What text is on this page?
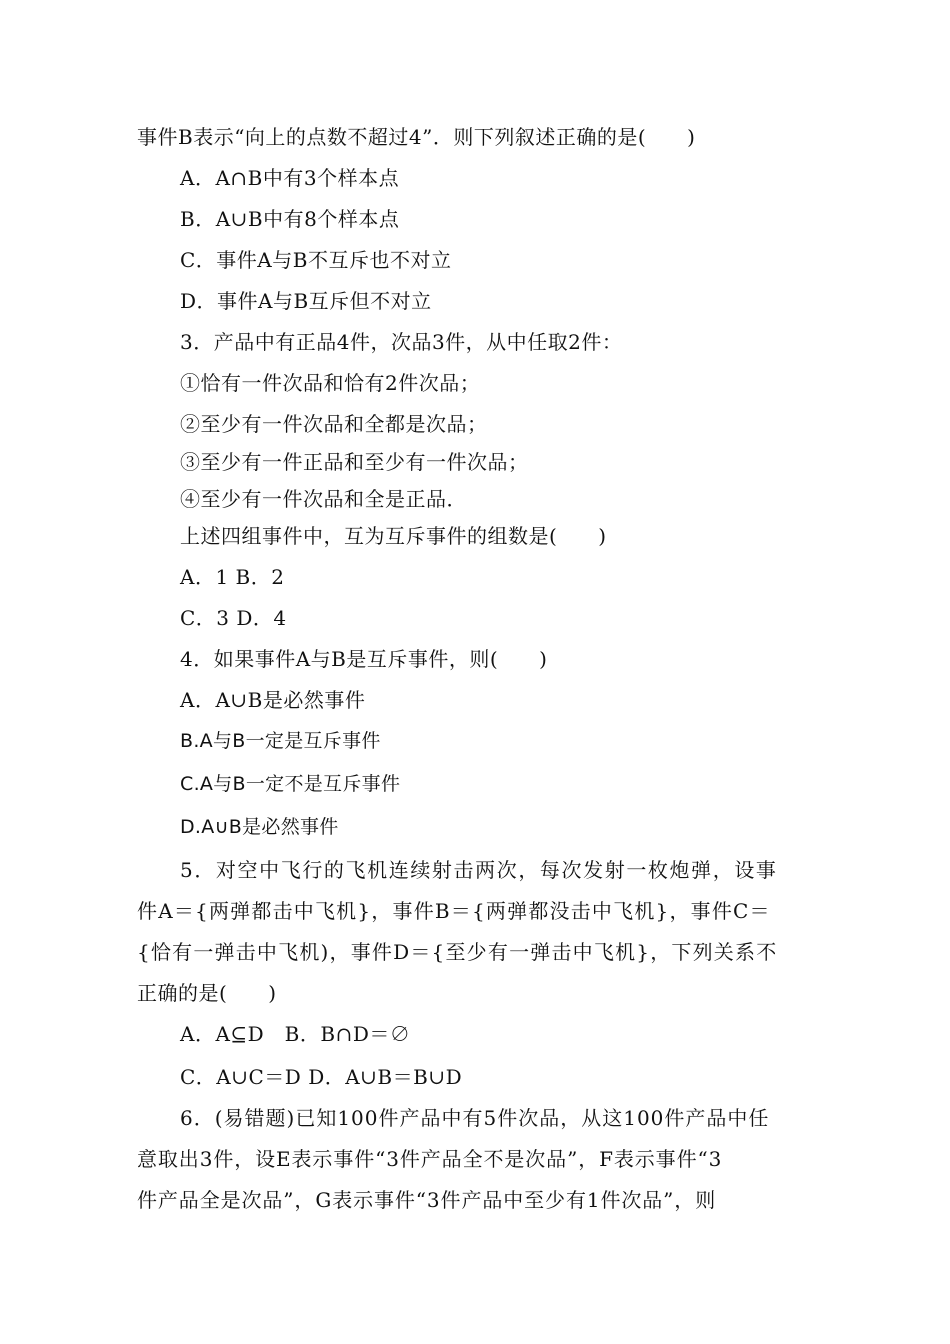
事件B表示“向上的点数不超过4”．则下列叙述正确的是(　　)
A．A∩B中有3个样本点
B．A∪B中有8个样本点
C．事件A与B不互斥也不对立
D．事件A与B互斥但不对立
3．产品中有正品4件，次品3件，从中任取2件：
①恰有一件次品和恰有2件次品；
②至少有一件次品和全都是次品；
③至少有一件正品和至少有一件次品；
④至少有一件次品和全是正品．
上述四组事件中，互为互斥事件的组数是(　　)
A．1 B．2
C．3 D．4
4．如果事件A与B是互斥事件，则(　　)
A．A∪B是必然事件
B.A与B一定是互斥事件
C.A与B一定不是互斥事件
D.A∪B是必然事件
5．对空中飞行的飞机连续射击两次，每次发射一枚炮弹，设事
件A＝{两弹都击中飞机}，事件B＝{两弹都没击中飞机}，事件C＝
{恰有一弹击中飞机)，事件D＝{至少有一弹击中飞机}，下列关系不
正确的是(　　)
A．A⊆D　B．B∩D＝∅
C．A∪C＝D D．A∪B＝B∪D
6．(易错题)已知100件产品中有5件次品，从这100件产品中任
意取出3件，设E表示事件“3件产品全不是次品”，F表示事件“3
件产品全是次品”，G表示事件“3件产品中至少有1件次品”，则
